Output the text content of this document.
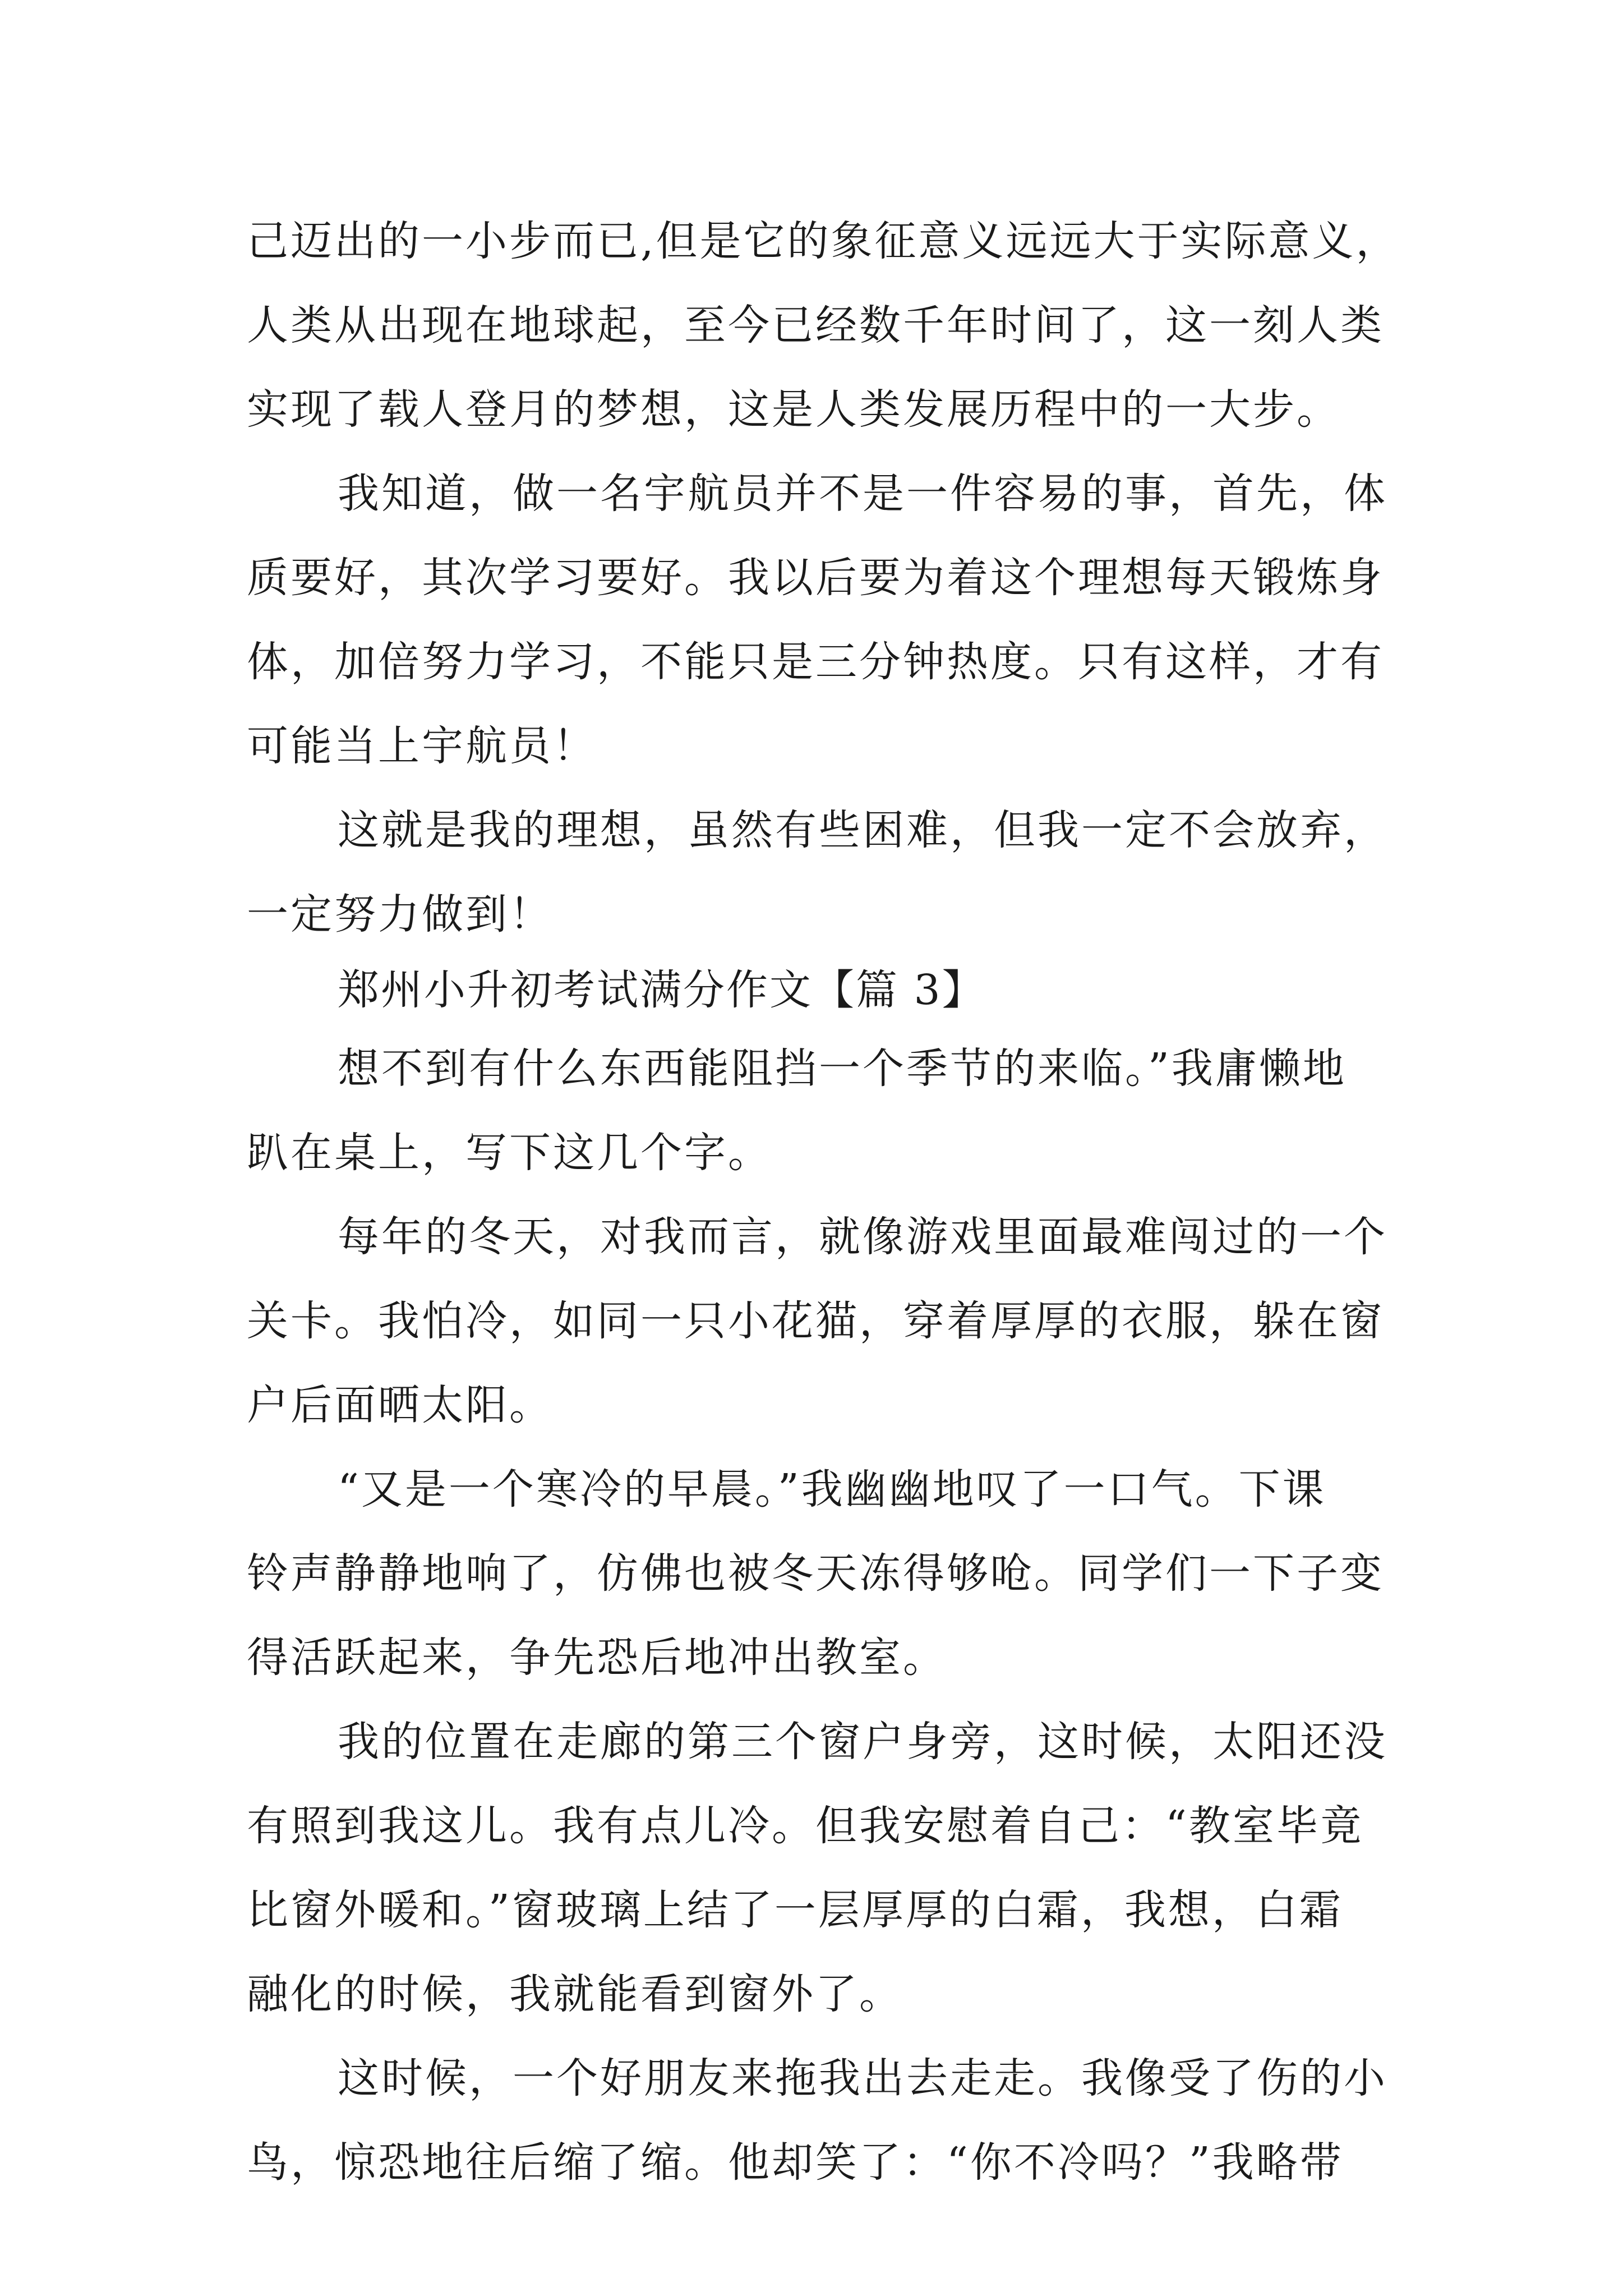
己迈出的一小步而已,但是它的象征意义远远大于实际意义，
人类从出现在地球起，至今已经数千年时间了，这一刻人类
实现了载人登月的梦想，这是人类发展历程中的一大步。
我知道，做一名宇航员并不是一件容易的事，首先，体
质要好，其次学习要好。我以后要为着这个理想每天锻炼身
体，加倍努力学习，不能只是三分钟热度。只有这样，才有
可能当上宇航员！
这就是我的理想，虽然有些困难，但我一定不会放弃，
一定努力做到！
郑州小升初考试满分作文【篇 3】
想不到有什么东西能阻挡一个季节的来临。”我庸懒地
趴在桌上，写下这几个字。
每年的冬天，对我而言，就像游戏里面最难闯过的一个
关卡。我怕冷，如同一只小花猫，穿着厚厚的衣服，躲在窗
户后面晒太阳。
“又是一个寒冷的早晨。”我幽幽地叹了一口气。下课
铃声静静地响了，仿佛也被冬天冻得够呛。同学们一下子变
得活跃起来，争先恐后地冲出教室。
我的位置在走廊的第三个窗户身旁，这时候，太阳还没
有照到我这儿。我有点儿冷。但我安慰着自己：“教室毕竟
比窗外暖和。”窗玻璃上结了一层厚厚的白霜，我想，白霜
融化的时候，我就能看到窗外了。
这时候，一个好朋友来拖我出去走走。我像受了伤的小
鸟，惊恐地往后缩了缩。他却笑了：“你不冷吗？”我略带
